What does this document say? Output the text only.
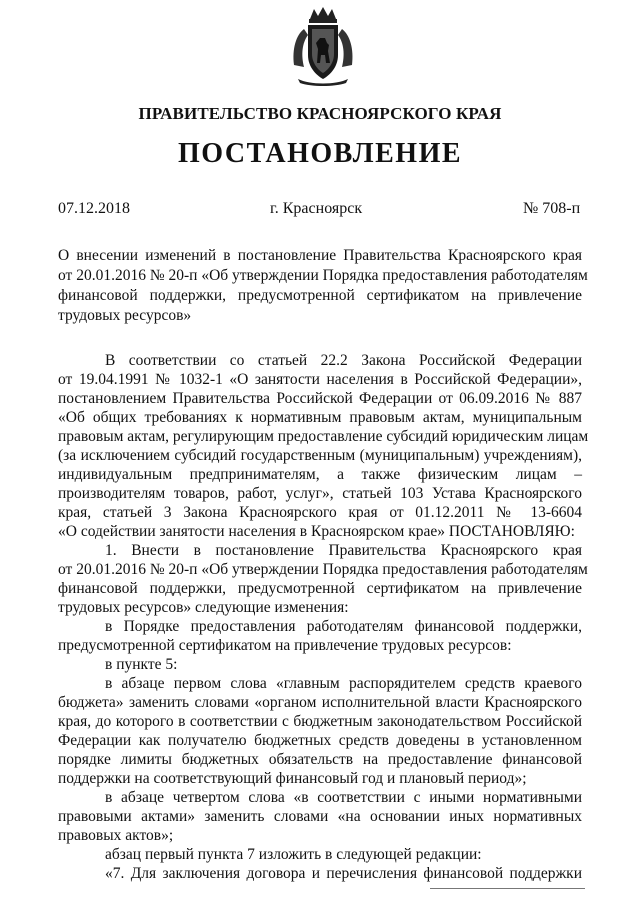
ПРАВИТЕЛЬСТВО КРАСНОЯРСКОГО КРАЯ
ПОСТАНОВЛЕНИЕ
07.12.2018	г. Красноярск	№ 708-п
О внесении изменений в постановление Правительства Красноярского края
от 20.01.2016 № 20-п «Об утверждении Порядка предоставления работодателям
финансовой поддержки, предусмотренной сертификатом на привлечение
трудовых ресурсов»
В соответствии со статьей 22.2 Закона Российской Федерации
от 19.04.1991 № 1032-1 «О занятости населения в Российской Федерации»,
постановлением Правительства Российской Федерации от 06.09.2016 № 887
«Об общих требованиях к нормативным правовым актам, муниципальным
правовым актам, регулирующим предоставление субсидий юридическим лицам
(за исключением субсидий государственным (муниципальным) учреждениям),
индивидуальным предпринимателям, а также физическим лицам –
производителям товаров, работ, услуг», статьей 103 Устава Красноярского
края, статьей 3 Закона Красноярского края от 01.12.2011 № 13-6604
«О содействии занятости населения в Красноярском крае» ПОСТАНОВЛЯЮ:
1. Внести в постановление Правительства Красноярского края
от 20.01.2016 № 20-п «Об утверждении Порядка предоставления работодателям
финансовой поддержки, предусмотренной сертификатом на привлечение
трудовых ресурсов» следующие изменения:
в Порядке предоставления работодателям финансовой поддержки,
предусмотренной сертификатом на привлечение трудовых ресурсов:
в пункте 5:
в абзаце первом слова «главным распорядителем средств краевого
бюджета» заменить словами «органом исполнительной власти Красноярского
края, до которого в соответствии с бюджетным законодательством Российской
Федерации как получателю бюджетных средств доведены в установленном
порядке лимиты бюджетных обязательств на предоставление финансовой
поддержки на соответствующий финансовый год и плановый период»;
в абзаце четвертом слова «в соответствии с иными нормативными
правовыми актами» заменить словами «на основании иных нормативных
правовых актов»;
абзац первый пункта 7 изложить в следующей редакции:
«7. Для заключения договора и перечисления финансовой поддержки
